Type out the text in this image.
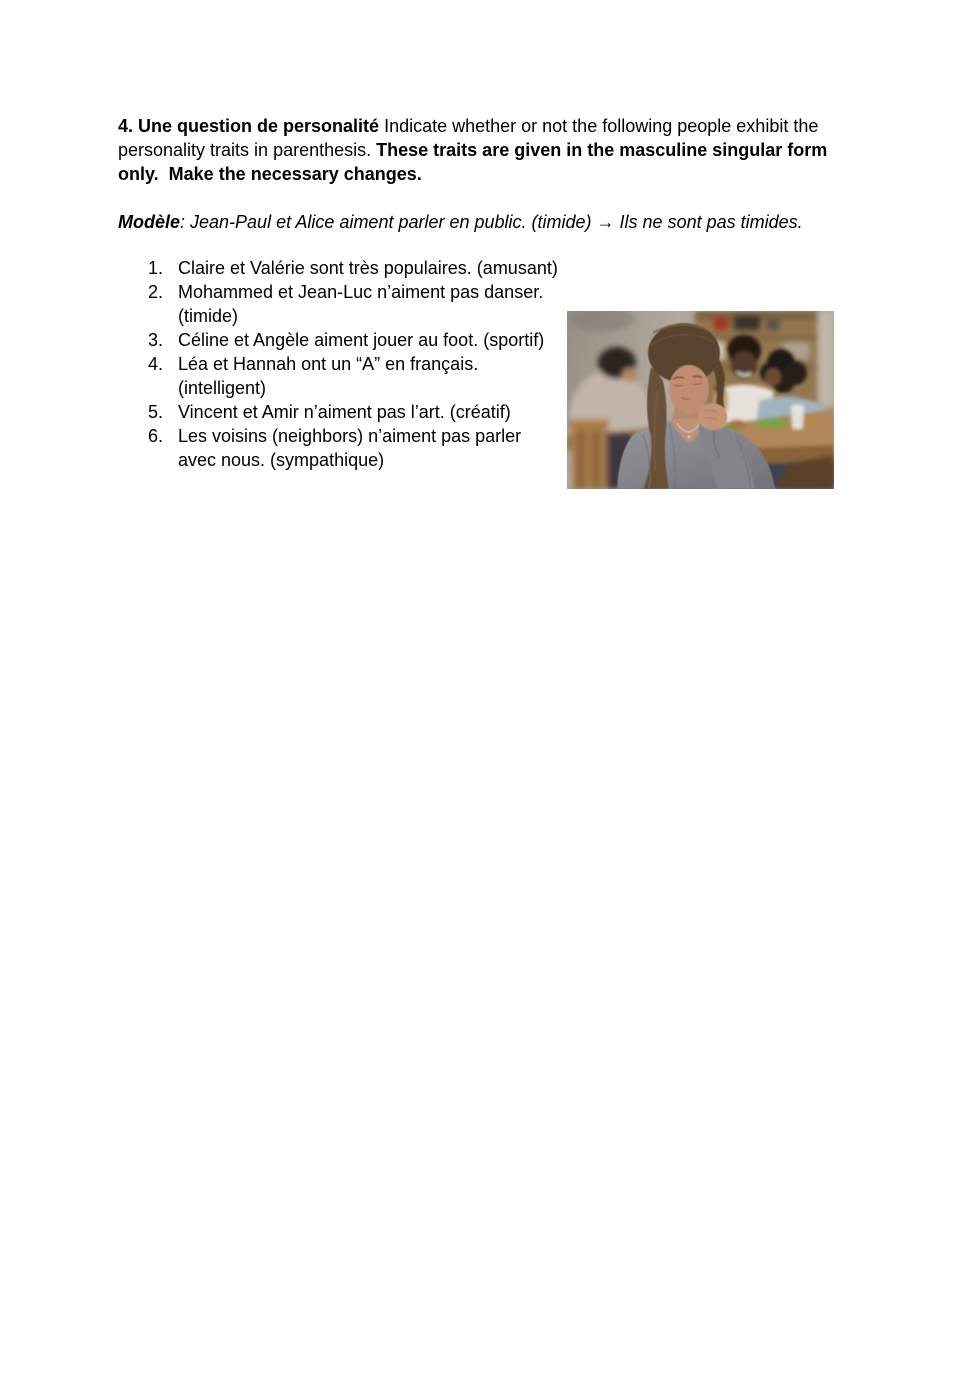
4. Une question de personalité Indicate whether or not the following people exhibit the
personality traits in parenthesis. These traits are given in the masculine singular form
only.  Make the necessary changes.
Modèle: Jean-Paul et Alice aiment parler en public. (timide) → Ils ne sont pas timides.
1. Claire et Valérie sont très populaires. (amusant)
2. Mohammed et Jean-Luc n’aiment pas danser.
(timide)
3. Céline et Angèle aiment jouer au foot. (sportif)
4. Léa et Hannah ont un “A” en français.
(intelligent)
5. Vincent et Amir n’aiment pas l’art. (créatif)
6. Les voisins (neighbors) n’aiment pas parler
avec nous. (sympathique)
